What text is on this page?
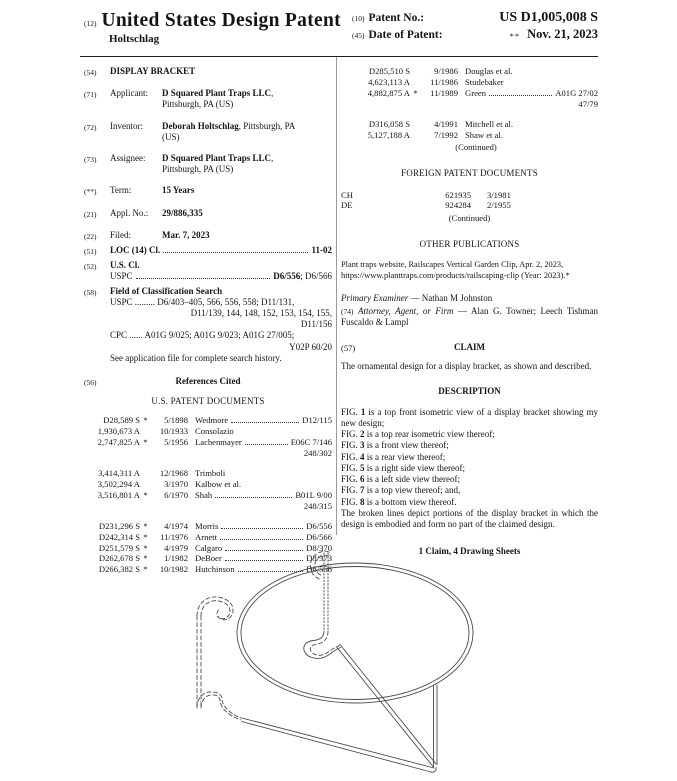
(12) United States Design Patent
Holtschlag
(10) Patent No.:	US D1,005,008 S
(45) Date of Patent:	** Nov. 21, 2023
(54)	DISPLAY BRACKET
(71)	Applicant:	D Squared Plant Traps LLC,
Pittsburgh, PA (US)
(72)	Inventor:	Deborah Holtschlag, Pittsburgh, PA
(US)
(73)	Assignee:	D Squared Plant Traps LLC,
Pittsburgh, PA (US)
(**)	Term:	15 Years
(21)	Appl. No.:	29/886,335
(22)	Filed:	Mar. 7, 2023
(51)	LOC (14) Cl.	11-02
(52)	U.S. Cl.
USPC	D6/556; D6/566
(58)	Field of Classification Search
USPC ......... D6/403–405, 566, 556, 558; D11/131,
D11/139, 144, 148, 152, 153, 154, 155,
D11/156
CPC ...... A01G 9/025; A01G 9/023; A01G 27/005;
Y02P 60/20
See application file for complete search history.
(56)	References Cited
U.S. PATENT DOCUMENTS
D28,589 S *	5/1898 Wedmore	D12/115
1,930,673 A	10/1933 Consolazio
2,747,825 A *	5/1956 Lachenmayer	E06C 7/146
248/302
3,414,311 A	12/1968 Trimboli
3,502,294 A	3/1970 Kalbow et al.
3,516,801 A *	6/1970 Shah	B01L 9/00
248/315
D231,296 S *	4/1974 Morris	D6/556
D242,314 S *	11/1976 Arnett	D6/566
D251,579 S *	4/1979 Calgaro	D8/370
D262,678 S *	1/1982 DeBoer	D8/373
D266,382 S *	10/1982 Hutchinson	D6/556
D285,510 S	9/1986 Douglas et al.
4,623,113 A	11/1986 Studebaker
4,882,875 A *	11/1989 Green	A01G 27/02
47/79
D316,058 S	4/1991 Mitchell et al.
5,127,188 A	7/1992 Shaw et al.
(Continued)
FOREIGN PATENT DOCUMENTS
CH	621935 3/1981
DE	924284 2/1955
(Continued)
OTHER PUBLICATIONS
Plant traps website, Railscapes Vertical Garden Clip, Apr. 2, 2023,
https://www.planttraps.com/products/railscaping-clip (Year: 2023).*
Primary Examiner — Nathan M Johnston
(74) Attorney, Agent, or Firm — Alan G. Towner; Leech Tishman Fuscaldo & Lampl
(57)	CLAIM
The ornamental design for a display bracket, as shown and described.
DESCRIPTION
FIG. 1 is a top front isometric view of a display bracket showing my new design;
FIG. 2 is a top rear isometric view thereof;
FIG. 3 is a front view thereof;
FIG. 4 is a rear view thereof;
FIG. 5 is a right side view thereof;
FIG. 6 is a left side view thereof;
FIG. 7 is a top view thereof; and,
FIG. 8 is a bottom view thereof.
The broken lines depict portions of the display bracket in which the design is embodied and form no part of the claimed design.
1 Claim, 4 Drawing Sheets
